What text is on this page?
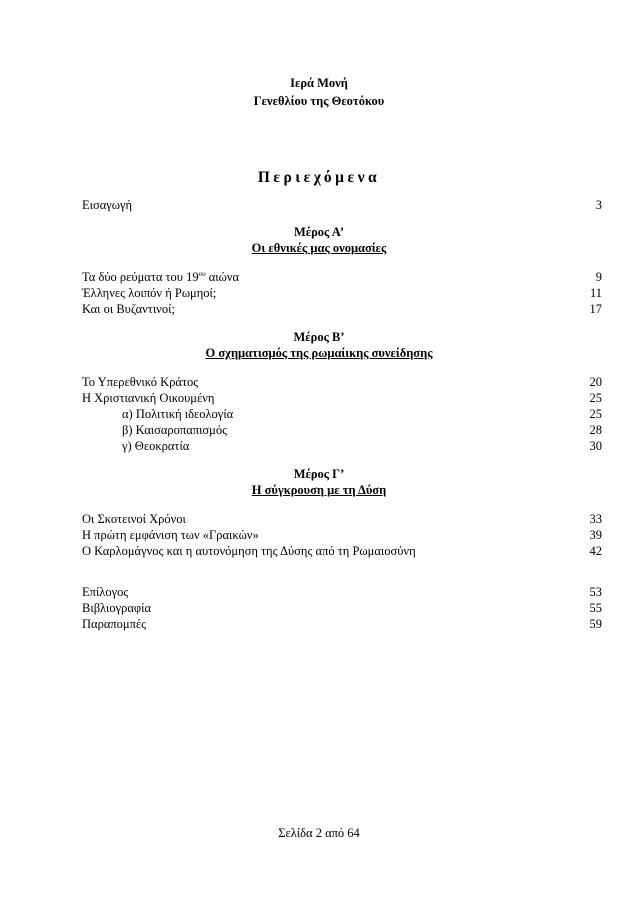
Ιερά Μονή
Γενεθλίου της Θεοτόκου
Περιεχόμενα
Εισαγωγή	3
Μέρος Α’
Οι εθνικές μας ονομασίες
Τα δύο ρεύματα του $19^{o\upsilon}$ αιώνα	9
Έλληνες λοιπόν ή Ρωμηοί;	11
Και οι Βυζαντινοί;	17
Μέρος Β’
Ο σχηματισμός της ρωμαίικης συνείδησης
Το Υπερεθνικό Κράτος	20
Η Χριστιανική Οικουμένη	25
α) Πολιτική ιδεολογία	25
β) Καισαροπαπισμός	28
γ) Θεοκρατία	30
Μέρος Γ’
Η σύγκρουση με τη Δύση
Οι Σκοτεινοί Χρόνοι	33
Η πρώτη εμφάνιση των «Γραικών»	39
Ο Καρλομάγνος και η αυτονόμηση της Δύσης από τη Ρωμαιοσύνη	42
Επίλογος	53
Βιβλιογραφία	55
Παραπομπές	59
Σελίδα 2 από 64
